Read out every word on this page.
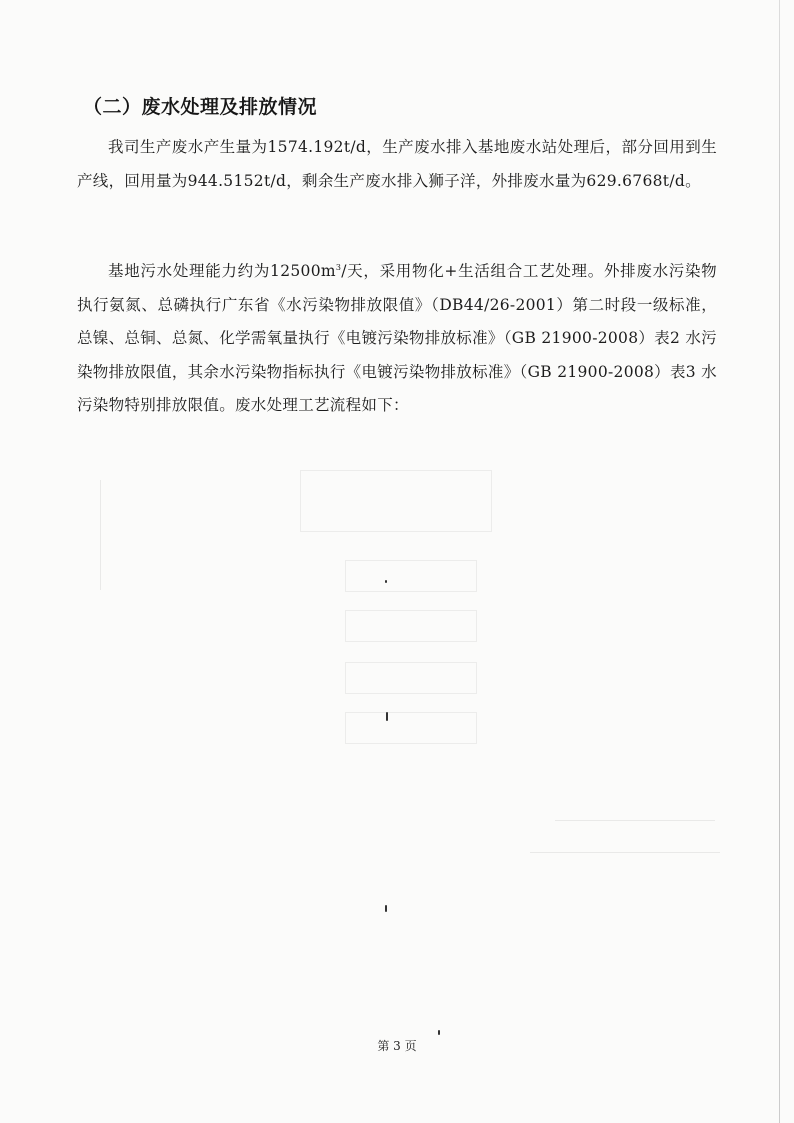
（二）废水处理及排放情况

我司生产废水产生量为1574.192t/d，生产废水排入基地废水站处理后，部分回用到生产线，回用量为944.5152t/d，剩余生产废水排入狮子洋，外排废水量为629.6768t/d。

基地污水处理能力约为$12500m^3/$天，采用物化+生活组合工艺处理。外排废水污染物执行氨氮、总磷执行广东省《水污染物排放限值》（DB44/26-2001）第二时段一级标准，总镍、总铜、总氮、化学需氧量执行《电镀污染物排放标准》（GB 21900-2008）表2 水污染物排放限值，其余水污染物指标执行《电镀污染物排放标准》（GB 21900-2008）表3 水污染物特别排放限值。废水处理工艺流程如下：

第 3 页
